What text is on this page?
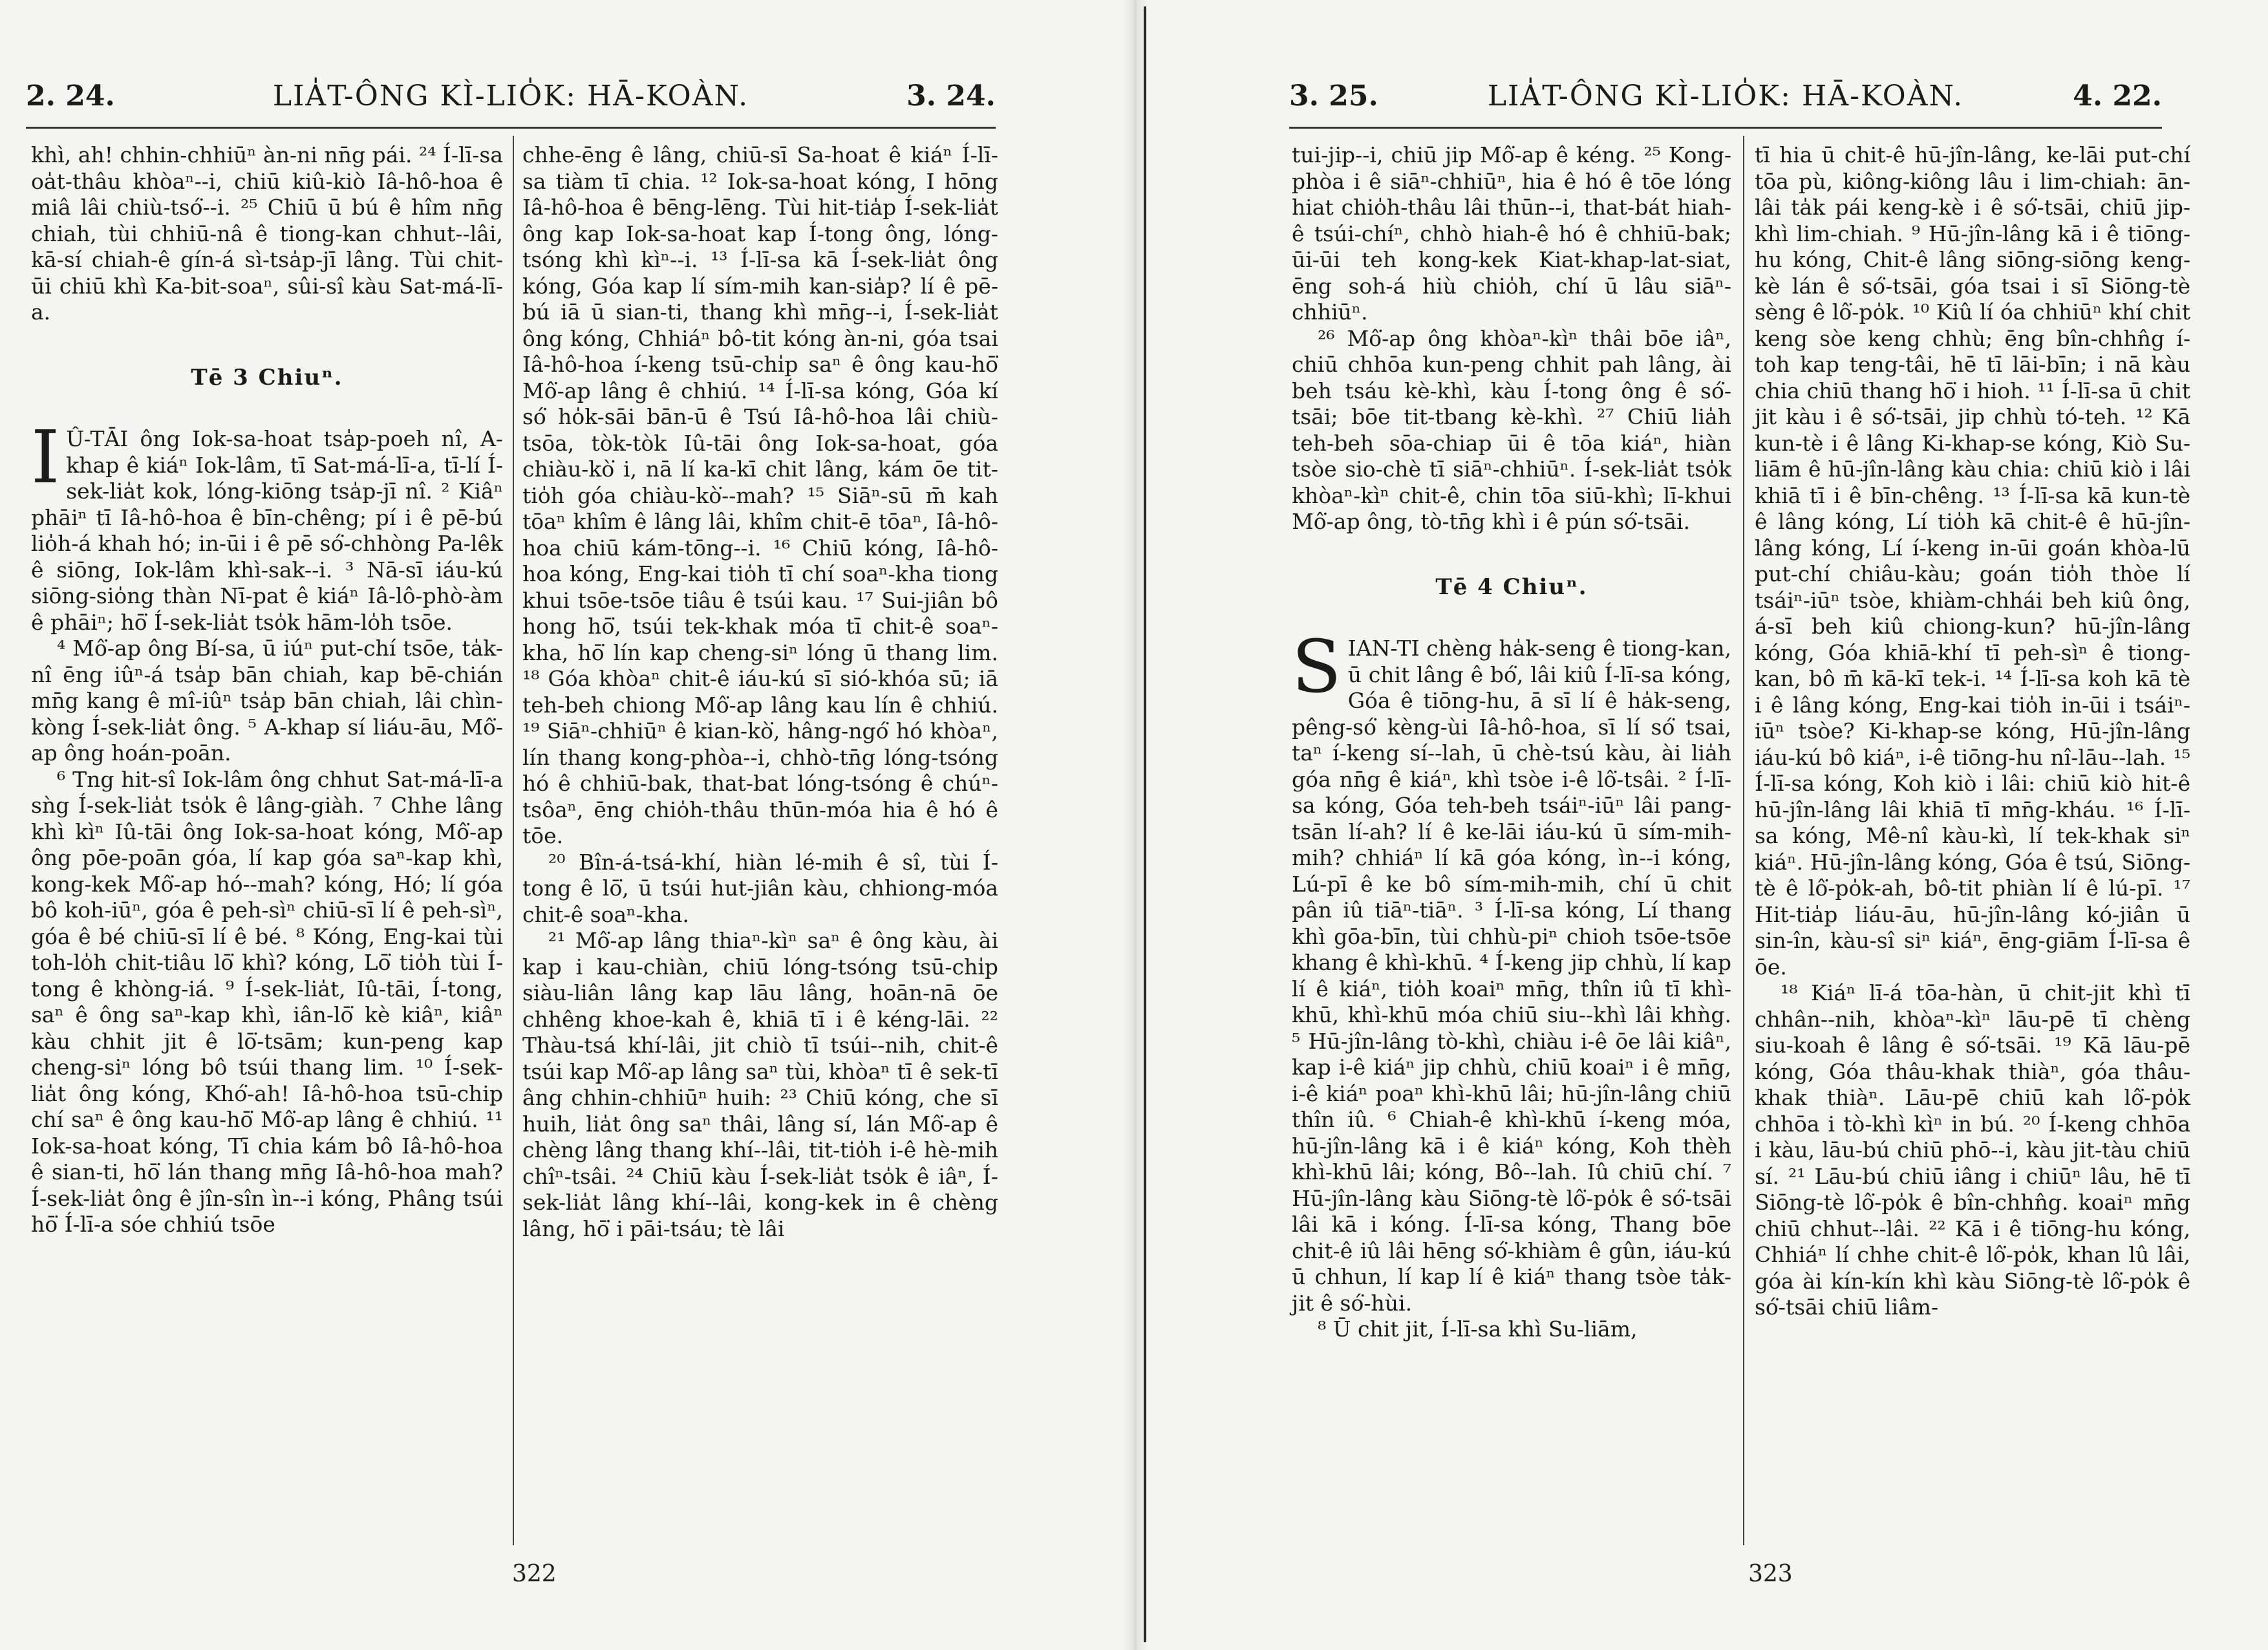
2. 24.	LIA̍T-ÔNG KÌ-LIO̍K: HĀ-KOÀN.	3. 24.

khì, ah! chhin-chhiūⁿ àn-ni nn̄g pái. ²⁴ Í-lī-sa oa̍t-thâu khòaⁿ--i, chiū kiû-kiò Iâ-hô-hoa ê miâ lâi chiù-tsó͘--i. ²⁵ Chiū ū bú ê hîm nn̄g chiah, tùi chhiū-nâ ê tiong-kan chhut--lâi, kā-sí chiah-ê gín-á sì-tsa̍p-jī lâng. Tùi chit-ūi chiū khì Ka-bit-soaⁿ, sûi-sî kàu Sat-má-lī-a.

Tē 3 Chiuⁿ.

I Û-TĀI ông Iok-sa-hoat tsa̍p-poeh nî, A-khap ê kiáⁿ Iok-lâm, tī Sat-má-lī-a, tī-lí Í-sek-lia̍t kok, lóng-kiōng tsa̍p-jī nî. ² Kiâⁿ phāiⁿ tī Iâ-hô-hoa ê bīn-chêng; pí i ê pē-bú lio̍h-á khah hó; in-ūi i ê pē só͘-chhòng Pa-lêk ê siōng, Iok-lâm khì-sak--i. ³ Nā-sī iáu-kú siōng-sio̍ng thàn Nī-pat ê kiáⁿ Iâ-lô-phò-àm ê phāiⁿ; hō͘ Í-sek-lia̍t tso̍k hām-lo̍h tsōe.

⁴ Mô͘-ap ông Bí-sa, ū iúⁿ put-chí tsōe, ta̍k-nî ēng iûⁿ-á tsa̍p bān chiah, kap bē-chián mn̄g kang ê mî-iûⁿ tsa̍p bān chiah, lâi chìn-kòng Í-sek-lia̍t ông. ⁵ A-khap sí liáu-āu, Mô͘-ap ông hoán-poān.

⁶ Tng hit-sî Iok-lâm ông chhut Sat-má-lī-a sǹg Í-sek-lia̍t tso̍k ê lâng-giàh. ⁷ Chhe lâng khì kìⁿ Iû-tāi ông Iok-sa-hoat kóng, Mô͘-ap ông pōe-poān góa, lí kap góa saⁿ-kap khì, kong-kek Mô͘-ap hó--mah? kóng, Hó; lí góa bô koh-iūⁿ, góa ê peh-sìⁿ chiū-sī lí ê peh-sìⁿ, góa ê bé chiū-sī lí ê bé. ⁸ Kóng, Eng-kai tùi toh-lo̍h chit-tiâu lō͘ khì? kóng, Lō͘ tio̍h tùi Í-tong ê khòng-iá. ⁹ Í-sek-lia̍t, Iû-tāi, Í-tong, saⁿ ê ông saⁿ-kap khì, iân-lō͘ kè kiâⁿ, kiâⁿ kàu chhit jit ê lō͘-tsām; kun-peng kap cheng-siⁿ lóng bô tsúi thang lim. ¹⁰ Í-sek-lia̍t ông kóng, Khó͘-ah! Iâ-hô-hoa tsū-chip chí saⁿ ê ông kau-hō͘ Mô͘-ap lâng ê chhiú. ¹¹ Iok-sa-hoat kóng, Tī chia kám bô Iâ-hô-hoa ê sian-ti, hō͘ lán thang mn̄g Iâ-hô-hoa mah? Í-sek-lia̍t ông ê jîn-sîn ìn--i kóng, Phâng tsúi hō͘ Í-lī-a sóe chhiú tsōe

chhe-ēng ê lâng, chiū-sī Sa-hoat ê kiáⁿ Í-lī-sa tiàm tī chia. ¹² Iok-sa-hoat kóng, I hōng Iâ-hô-hoa ê bēng-lēng. Tùi hit-tia̍p Í-sek-lia̍t ông kap Iok-sa-hoat kap Í-tong ông, lóng-tsóng khì kìⁿ--i. ¹³ Í-lī-sa kā Í-sek-lia̍t ông kóng, Góa kap lí sím-mih kan-sia̍p? lí ê pē-bú iā ū sian-ti, thang khì mn̄g--i, Í-sek-lia̍t ông kóng, Chhiáⁿ bô-tit kóng àn-ni, góa tsai Iâ-hô-hoa í-keng tsū-chi̍p saⁿ ê ông kau-hō͘ Mô͘-ap lâng ê chhiú. ¹⁴ Í-lī-sa kóng, Góa kí só͘ ho̍k-sāi bān-ū ê Tsú Iâ-hô-hoa lâi chiù-tsōa, tòk-tòk Iû-tāi ông Iok-sa-hoat, góa chiàu-kò͘ i, nā lí ka-kī chit lâng, kám ōe tit-tio̍h góa chiàu-kò͘--mah? ¹⁵ Siāⁿ-sū m̄ kah tōaⁿ khîm ê lâng lâi, khîm chit-ē tōaⁿ, Iâ-hô-hoa chiū kám-tōng--i. ¹⁶ Chiū kóng, Iâ-hô-hoa kóng, Eng-kai tio̍h tī chí soaⁿ-kha tiong khui tsōe-tsōe tiâu ê tsúi kau. ¹⁷ Sui-jiân bô hong hō͘, tsúi tek-khak móa tī chit-ê soaⁿ-kha, hō͘ lín kap cheng-siⁿ lóng ū thang lim. ¹⁸ Góa khòaⁿ chit-ê iáu-kú sī sió-khóa sū; iā teh-beh chiong Mô͘-ap lâng kau lín ê chhiú. ¹⁹ Siāⁿ-chhiūⁿ ê kian-kò͘, hâng-ngó͘ hó khòaⁿ, lín thang kong-phòa--i, chhò-tn̄g lóng-tsóng hó ê chhiū-bak, that-bat lóng-tsóng ê chúⁿ-tsôaⁿ, ēng chio̍h-thâu thūn-móa hia ê hó ê tōe.

²⁰ Bîn-á-tsá-khí, hiàn lé-mih ê sî, tùi Í-tong ê lō͘, ū tsúi hut-jiân kàu, chhiong-móa chit-ê soaⁿ-kha.

²¹ Mô͘-ap lâng thiaⁿ-kìⁿ saⁿ ê ông kàu, ài kap i kau-chiàn, chiū lóng-tsóng tsū-chi̍p siàu-liân lâng kap lāu lâng, hoān-nā ōe chhêng khoe-kah ê, khiā tī i ê kéng-lāi. ²² Thàu-tsá khí-lâi, jit chiò tī tsúi--nih, chit-ê tsúi kap Mô͘-ap lâng saⁿ tùi, khòaⁿ tī ê sek-tī âng chhin-chhiūⁿ huih: ²³ Chiū kóng, che sī huih, lia̍t ông saⁿ thâi, lâng sí, lán Mô͘-ap ê chèng lâng thang khí--lâi, tit-tio̍h i-ê hè-mih chîⁿ-tsâi. ²⁴ Chiū kàu Í-sek-lia̍t tso̍k ê iâⁿ, Í-sek-lia̍t lâng khí--lâi, kong-kek in ê chèng lâng, hō͘ i pāi-tsáu; tè lâi

322
3. 25.	LIA̍T-ÔNG KÌ-LIO̍K: HĀ-KOÀN.	4. 22.

tui-jip--i, chiū jip Mô͘-ap ê kéng. ²⁵ Kong-phòa i ê siāⁿ-chhiūⁿ, hia ê hó ê tōe lóng hiat chio̍h-thâu lâi thūn--i, that-bát hiah-ê tsúi-chíⁿ, chhò hiah-ê hó ê chhiū-bak; ūi-ūi teh kong-kek Kiat-khap-lat-siat, ēng soh-á hiù chio̍h, chí ū lâu siāⁿ-chhiūⁿ.

²⁶ Mô͘-ap ông khòaⁿ-kìⁿ thâi bōe iâⁿ, chiū chhōa kun-peng chhit pah lâng, ài beh tsáu kè-khì, kàu Í-tong ông ê só͘-tsāi; bōe tit-tbang kè-khì. ²⁷ Chiū lia̍h teh-beh sōa-chiap ūi ê tōa kiáⁿ, hiàn tsòe sio-chè tī siāⁿ-chhiūⁿ. Í-sek-lia̍t tso̍k khòaⁿ-kìⁿ chit-ê, chin tōa siū-khì; lī-khui Mô͘-ap ông, tò-tn̄g khì i ê pún só͘-tsāi.

Tē 4 Chiuⁿ.

SIAN-TI chèng ha̍k-seng ê tiong-kan, ū chit lâng ê bó͘, lâi kiû Í-lī-sa kóng, Góa ê tiōng-hu, ā sī lí ê ha̍k-seng, pêng-só͘ kèng-ùi Iâ-hô-hoa, sī lí só͘ tsai, taⁿ í-keng sí--lah, ū chè-tsú kàu, ài lia̍h góa nn̄g ê kiáⁿ, khì tsòe i-ê lô͘-tsâi. ² Í-lī-sa kóng, Góa teh-beh tsáiⁿ-iūⁿ lâi pang-tsān lí-ah? lí ê ke-lāi iáu-kú ū sím-mih-mih? chhiáⁿ lí kā góa kóng, ìn--i kóng, Lú-pī ê ke bô sím-mih-mih, chí ū chit pân iû tiāⁿ-tiāⁿ. ³ Í-lī-sa kóng, Lí thang khì gōa-bīn, tùi chhù-piⁿ chioh tsōe-tsōe khang ê khì-khū. ⁴ Í-keng jip chhù, lí kap lí ê kiáⁿ, tio̍h koaiⁿ mn̄g, thîn iû tī khì-khū, khì-khū móa chiū siu--khì lâi khǹg. ⁵ Hū-jîn-lâng tò-khì, chiàu i-ê ōe lâi kiâⁿ, kap i-ê kiáⁿ jip chhù, chiū koaiⁿ i ê mn̄g, i-ê kiáⁿ poaⁿ khì-khū lâi; hū-jîn-lâng chiū thîn iû. ⁶ Chiah-ê khì-khū í-keng móa, hū-jîn-lâng kā i ê kiáⁿ kóng, Koh thèh khì-khū lâi; kóng, Bô--lah. Iû chiū chí. ⁷ Hū-jîn-lâng kàu Siōng-tè lô͘-po̍k ê só͘-tsāi lâi kā i kóng. Í-lī-sa kóng, Thang bōe chit-ê iû lâi hēng só͘-khiàm ê gûn, iáu-kú ū chhun, lí kap lí ê kiáⁿ thang tsòe ta̍k-jit ê só͘-hùi.

⁸ Ū chit jit, Í-lī-sa khì Su-liām,

tī hia ū chit-ê hū-jîn-lâng, ke-lāi put-chí tōa pù, kiông-kiông lâu i lim-chiah: ān-lâi ta̍k pái keng-kè i ê só͘-tsāi, chiū jip-khì lim-chiah. ⁹ Hū-jîn-lâng kā i ê tiōng-hu kóng, Chit-ê lâng siōng-siōng keng-kè lán ê só͘-tsāi, góa tsai i sī Siōng-tè sèng ê lô͘-po̍k. ¹⁰ Kiû lí óa chhiūⁿ khí chit keng sòe keng chhù; ēng bîn-chhn̂g í-toh kap teng-tâi, hē tī lāi-bīn; i nā kàu chia chiū thang hō͘ i hioh. ¹¹ Í-lī-sa ū chit jit kàu i ê só͘-tsāi, jip chhù tó-teh. ¹² Kā kun-tè i ê lâng Ki-khap-se kóng, Kiò Su-liām ê hū-jîn-lâng kàu chia: chiū kiò i lâi khiā tī i ê bīn-chêng. ¹³ Í-lī-sa kā kun-tè ê lâng kóng, Lí tio̍h kā chit-ê ê hū-jîn-lâng kóng, Lí í-keng in-ūi goán khòa-lū put-chí chiâu-kàu; goán tio̍h thòe lí tsáiⁿ-iūⁿ tsòe, khiàm-chhái beh kiû ông, á-sī beh kiû chiong-kun? hū-jîn-lâng kóng, Góa khiā-khí tī peh-sìⁿ ê tiong-kan, bô m̄ kā-kī tek-i. ¹⁴ Í-lī-sa koh kā tè i ê lâng kóng, Eng-kai tio̍h in-ūi i tsáiⁿ-iūⁿ tsòe? Ki-khap-se kóng, Hū-jîn-lâng iáu-kú bô kiáⁿ, i-ê tiōng-hu nî-lāu--lah. ¹⁵ Í-lī-sa kóng, Koh kiò i lâi: chiū kiò hit-ê hū-jîn-lâng lâi khiā tī mn̄g-kháu. ¹⁶ Í-lī-sa kóng, Mê-nî kàu-kì, lí tek-khak siⁿ kiáⁿ. Hū-jîn-lâng kóng, Góa ê tsú, Siōng-tè ê lô͘-po̍k-ah, bô-tit phiàn lí ê lú-pī. ¹⁷ Hit-tia̍p liáu-āu, hū-jîn-lâng kó-jiân ū sin-în, kàu-sî siⁿ kiáⁿ, ēng-giām Í-lī-sa ê ōe.

¹⁸ Kiáⁿ lī-á tōa-hàn, ū chit-jit khì tī chhân--nih, khòaⁿ-kìⁿ lāu-pē tī chèng siu-koah ê lâng ê só͘-tsāi. ¹⁹ Kā lāu-pē kóng, Góa thâu-khak thiàⁿ, góa thâu-khak thiàⁿ. Lāu-pē chiū kah lô͘-po̍k chhōa i tò-khì kìⁿ in bú. ²⁰ Í-keng chhōa i kàu, lāu-bú chiū phō--i, kàu jit-tàu chiū sí. ²¹ Lāu-bú chiū iâng i chiūⁿ lâu, hē tī Siōng-tè lô͘-po̍k ê bîn-chhn̂g. koaiⁿ mn̄g chiū chhut--lâi. ²² Kā i ê tiōng-hu kóng, Chhiáⁿ lí chhe chit-ê lô͘-po̍k, khan lû lâi, góa ài kín-kín khì kàu Siōng-tè lô͘-po̍k ê só͘-tsāi chiū liâm-

323
